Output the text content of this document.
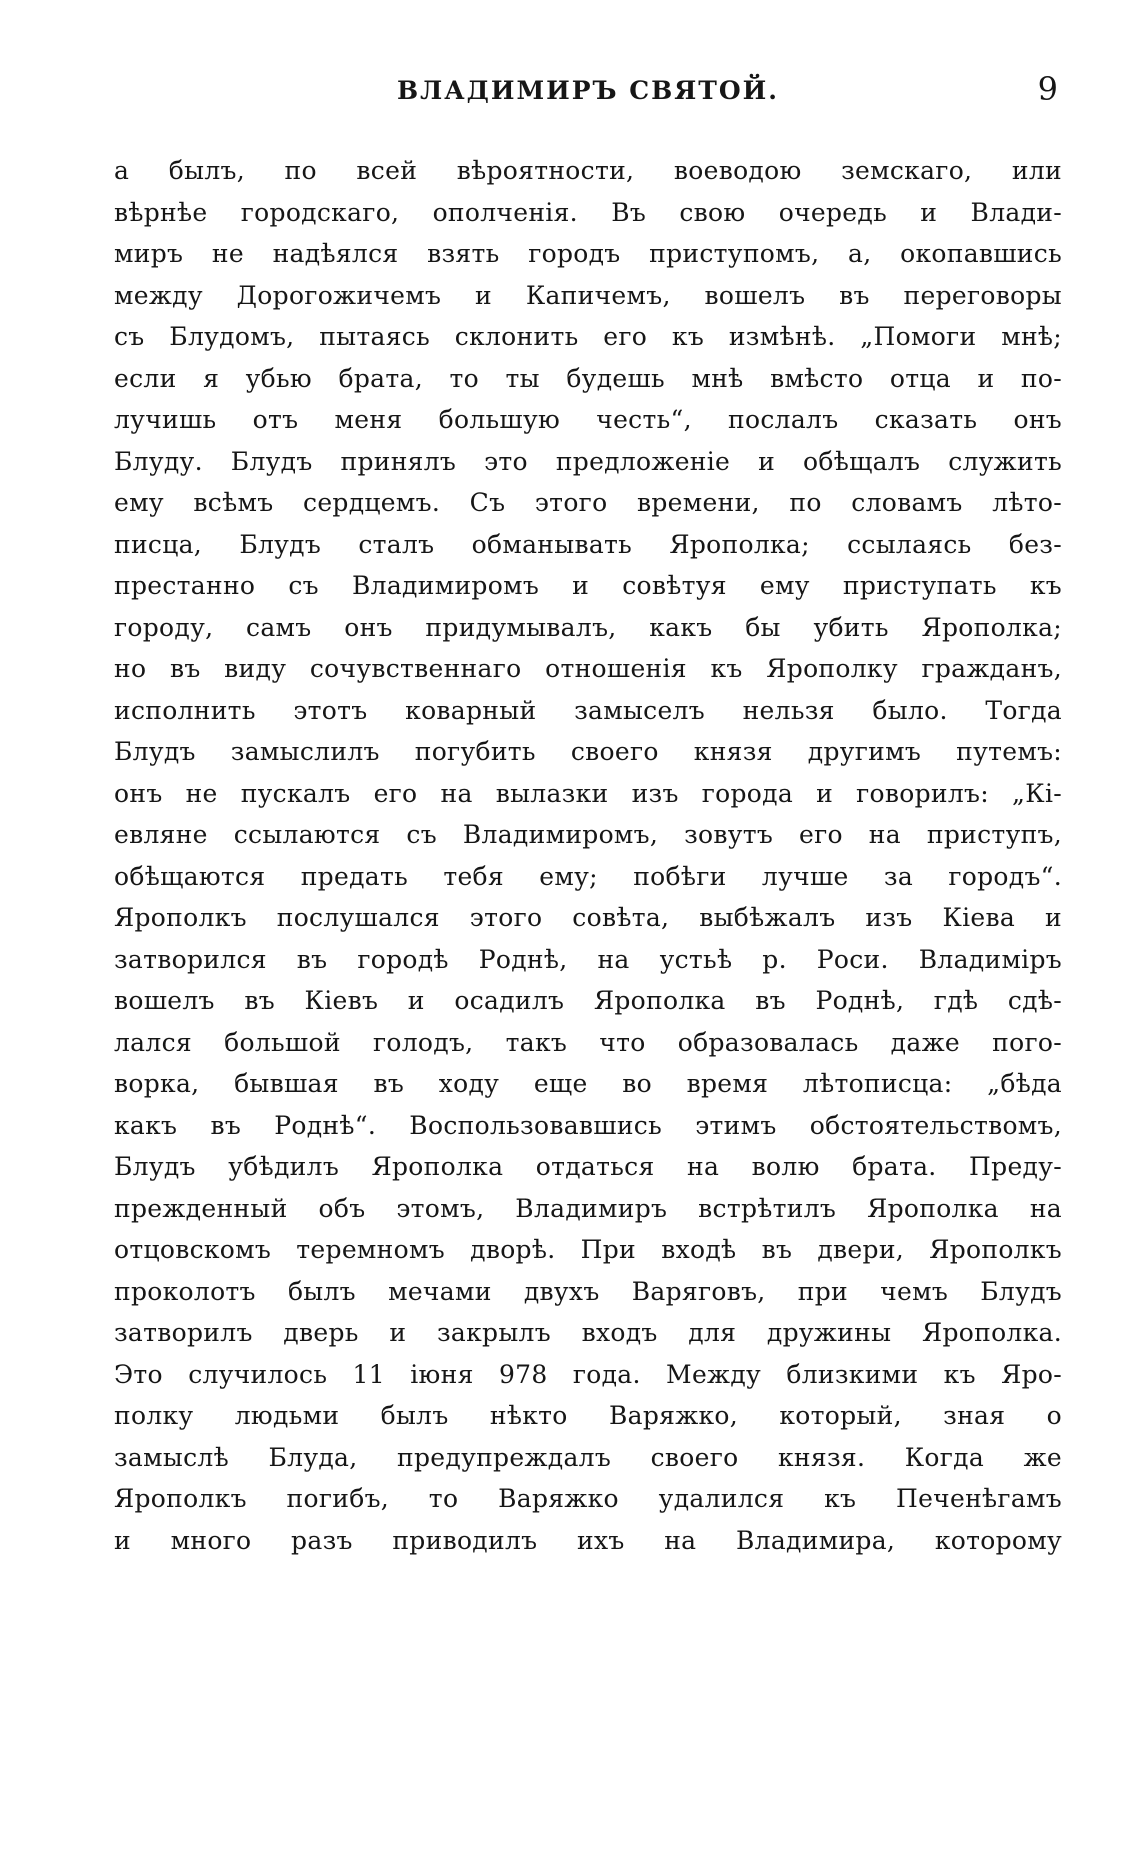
ВЛАДИМИРЪ СВЯТОЙ.	9
а былъ, по всей вѣроятности, воеводою земскаго, или
вѣрнѣе городскаго, ополченія. Въ свою очередь и Влади-
миръ не надѣялся взять городъ приступомъ, а, окопавшись
между Дорогожичемъ и Капичемъ, вошелъ въ переговоры
съ Блудомъ, пытаясь склонить его къ измѣнѣ. „Помоги мнѣ;
если я убью брата, то ты будешь мнѣ вмѣсто отца и по-
лучишь отъ меня большую честь“, послалъ сказать онъ
Блуду. Блудъ принялъ это предложеніе и обѣщалъ служить
ему всѣмъ сердцемъ. Съ этого времени, по словамъ лѣто-
писца, Блудъ сталъ обманывать Ярополка; ссылаясь без-
престанно съ Владимиромъ и совѣтуя ему приступать къ
городу, самъ онъ придумывалъ, какъ бы убить Ярополка;
но въ виду сочувственнаго отношенія къ Ярополку гражданъ,
исполнить этотъ коварный замыселъ нельзя было. Тогда
Блудъ замыслилъ погубить своего князя другимъ путемъ:
онъ не пускалъ его на вылазки изъ города и говорилъ: „Кі-
евляне ссылаются съ Владимиромъ, зовутъ его на приступъ,
обѣщаются предать тебя ему; побѣги лучше за городъ“.
Ярополкъ послушался этого совѣта, выбѣжалъ изъ Кіева и
затворился въ городѣ Роднѣ, на устьѣ р. Роси. Владиміръ
вошелъ въ Кіевъ и осадилъ Ярополка въ Роднѣ, гдѣ сдѣ-
лался большой голодъ, такъ что образовалась даже пого-
ворка, бывшая въ ходу еще во время лѣтописца: „бѣда
какъ въ Роднѣ“. Воспользовавшись этимъ обстоятельствомъ,
Блудъ убѣдилъ Ярополка отдаться на волю брата. Преду-
прежденный объ этомъ, Владимиръ встрѣтилъ Ярополка на
отцовскомъ теремномъ дворѣ. При входѣ въ двери, Ярополкъ
проколотъ былъ мечами двухъ Варяговъ, при чемъ Блудъ
затворилъ дверь и закрылъ входъ для дружины Ярополка.
Это случилось 11 іюня 978 года. Между близкими къ Яро-
полку людьми былъ нѣкто Варяжко, который, зная о
замыслѣ Блуда, предупреждалъ своего князя. Когда же
Ярополкъ погибъ, то Варяжко удалился къ Печенѣгамъ
и много разъ приводилъ ихъ на Владимира, которому
